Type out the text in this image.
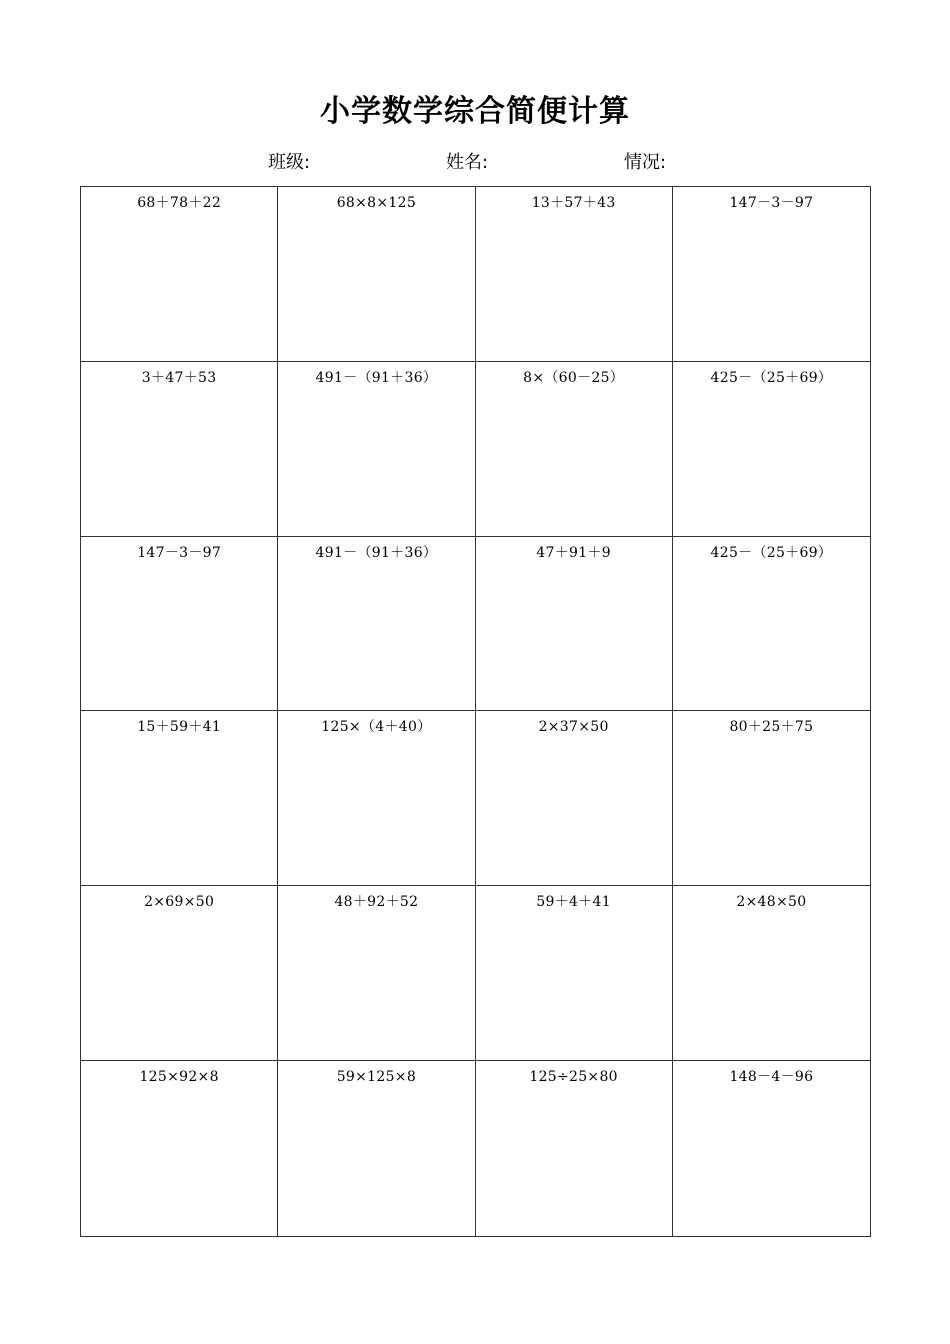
小学数学综合简便计算
班级:	姓名:	情况:
68＋78＋22	68×8×125	13＋57＋43	147－3－97
3＋47＋53	491－（91＋36）	8×（60－25）	425－（25＋69）
147－3－97	491－（91＋36）	47＋91＋9	425－（25＋69）
15＋59＋41	125×（4＋40）	2×37×50	80＋25＋75
2×69×50	48＋92＋52	59＋4＋41	2×48×50
125×92×8	59×125×8	125÷25×80	148－4－96
